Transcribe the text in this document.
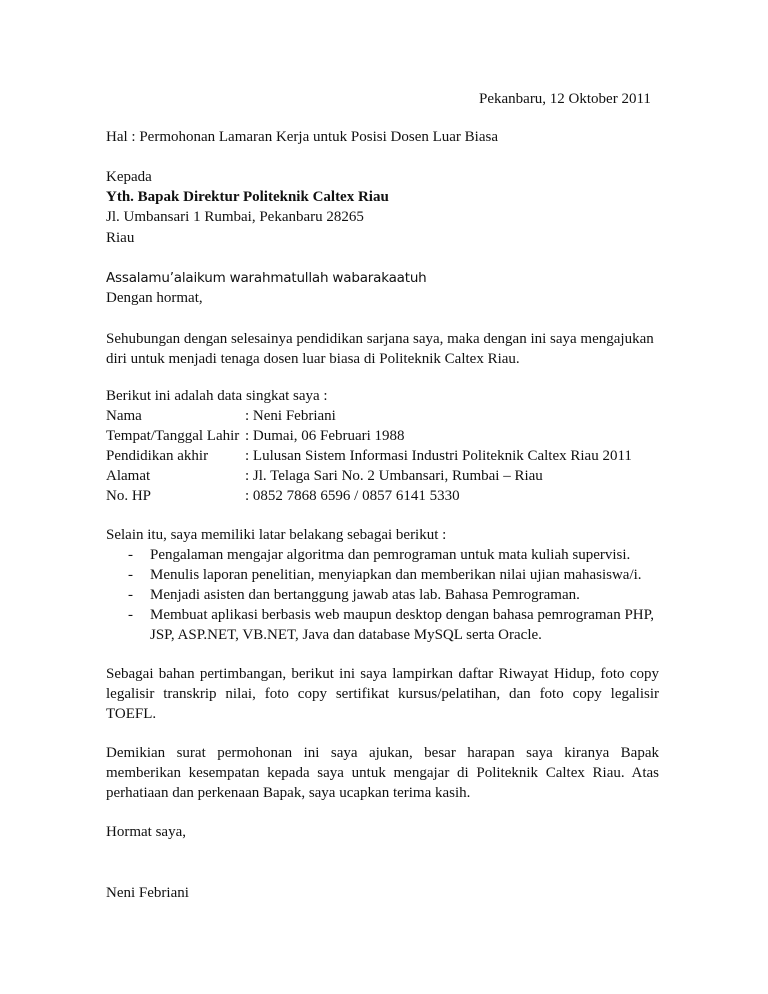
Pekanbaru, 12 Oktober 2011
Hal : Permohonan Lamaran Kerja untuk Posisi Dosen Luar Biasa
Kepada
Yth. Bapak Direktur Politeknik Caltex Riau
Jl. Umbansari 1 Rumbai, Pekanbaru 28265
Riau
Assalamu’alaikum warahmatullah wabarakaatuh
Dengan hormat,
Sehubungan dengan selesainya pendidikan sarjana saya, maka dengan ini saya mengajukan
diri untuk menjadi tenaga dosen luar biasa di Politeknik Caltex Riau.
Berikut ini adalah data singkat saya :
Nama	: Neni Febriani
Tempat/Tanggal Lahir : Dumai, 06 Februari 1988
Pendidikan akhir : Lulusan Sistem Informasi Industri Politeknik Caltex Riau 2011
Alamat	: Jl. Telaga Sari No. 2 Umbansari, Rumbai – Riau
No. HP	: 0852 7868 6596 / 0857 6141 5330
Selain itu, saya memiliki latar belakang sebagai berikut :
- Pengalaman mengajar algoritma dan pemrograman untuk mata kuliah supervisi.
- Menulis laporan penelitian, menyiapkan dan memberikan nilai ujian mahasiswa/i.
- Menjadi asisten dan bertanggung jawab atas lab. Bahasa Pemrograman.
- Membuat aplikasi berbasis web maupun desktop dengan bahasa pemrograman PHP,
JSP, ASP.NET, VB.NET, Java dan database MySQL serta Oracle.
Sebagai bahan pertimbangan, berikut ini saya lampirkan daftar Riwayat Hidup, foto copy
legalisir transkrip nilai, foto copy sertifikat kursus/pelatihan, dan foto copy legalisir
TOEFL.
Demikian surat permohonan ini saya ajukan, besar harapan saya kiranya Bapak
memberikan kesempatan kepada saya untuk mengajar di Politeknik Caltex Riau. Atas
perhatiaan dan perkenaan Bapak, saya ucapkan terima kasih.
Hormat saya,
Neni Febriani
